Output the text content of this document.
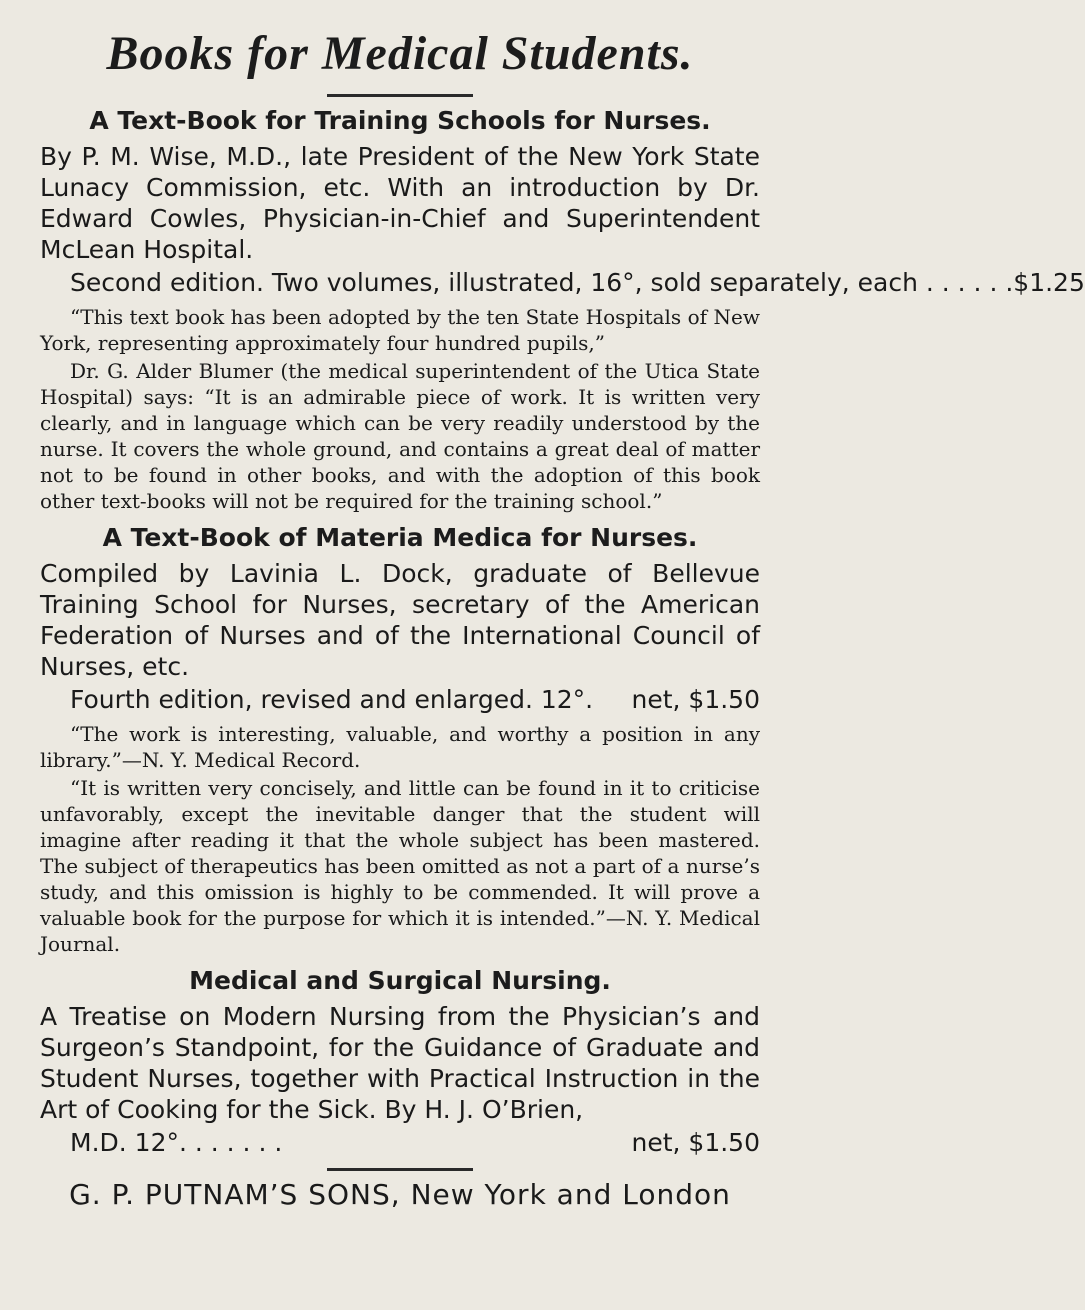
Books for Medical Students.
A Text-Book for Training Schools for Nurses.

By P. M. Wise, M.D., late President of the New York State Lunacy Commission, etc. With an introduction by Dr. Edward Cowles, Physician-in-Chief and Superintendent McLean Hospital.

Second edition. Two volumes, illustrated, 16°, sold separately, each . . . . . . $1.25

“This text book has been adopted by the ten State Hospitals of New York, representing approximately four hundred pupils,”

Dr. G. Alder Blumer (the medical superintendent of the Utica State Hospital) says: “It is an admirable piece of work. It is written very clearly, and in language which can be very readily understood by the nurse. It covers the whole ground, and contains a great deal of matter not to be found in other books, and with the adoption of this book other text-books will not be required for the training school.”

A Text-Book of Materia Medica for Nurses.

Compiled by Lavinia L. Dock, graduate of Bellevue Training School for Nurses, secretary of the American Federation of Nurses and of the International Council of Nurses, etc.

Fourth edition, revised and enlarged. 12°. net, $1.50

“The work is interesting, valuable, and worthy a position in any library.”—N. Y. Medical Record.

“It is written very concisely, and little can be found in it to criticise unfavorably, except the inevitable danger that the student will imagine after reading it that the whole subject has been mastered. The subject of therapeutics has been omitted as not a part of a nurse’s study, and this omission is highly to be commended. It will prove a valuable book for the purpose for which it is intended.”—N. Y. Medical Journal.

Medical and Surgical Nursing.

A Treatise on Modern Nursing from the Physician’s and Surgeon’s Standpoint, for the Guidance of Graduate and Student Nurses, together with Practical Instruction in the Art of Cooking for the Sick. By H. J. O’Brien,

M.D. 12°. . . . . . .	net, $1.50

G. P. PUTNAM’S SONS, New York and London
